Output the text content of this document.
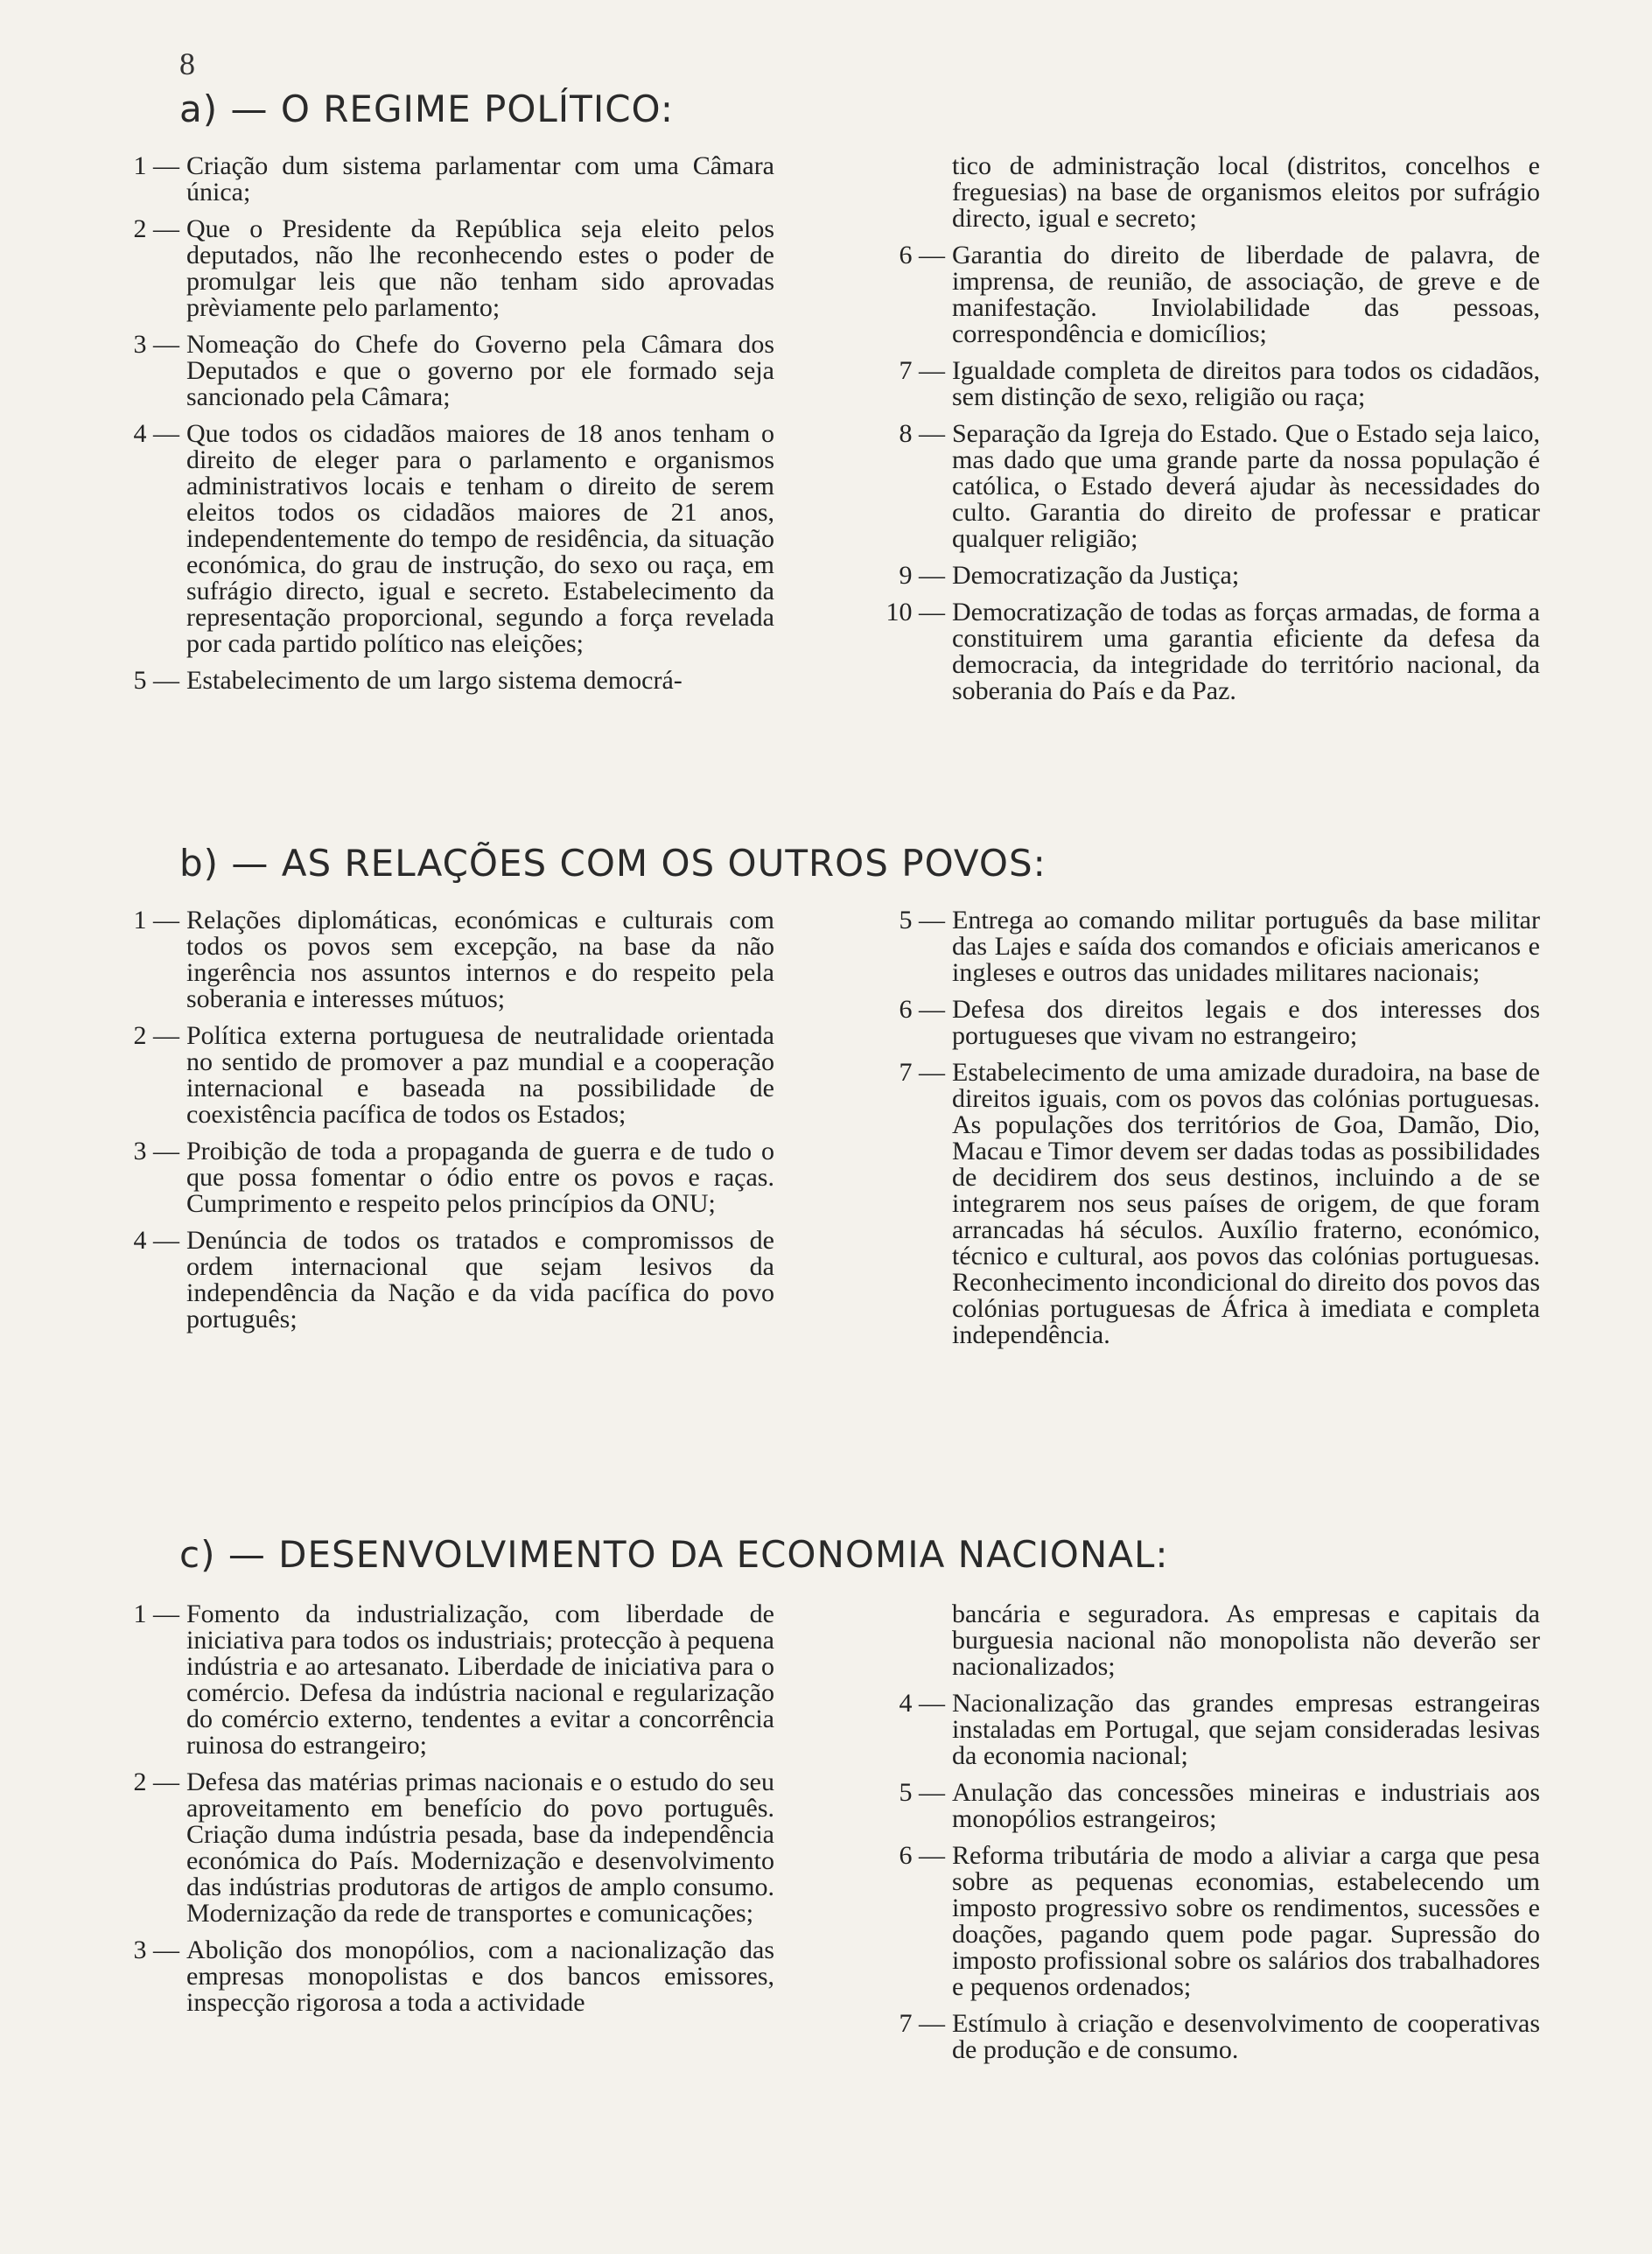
8
a) — O REGIME POLÍTICO:
1 — Criação dum sistema parlamentar com uma Câmara única;
2 — Que o Presidente da República seja eleito pelos deputados, não lhe reconhecendo estes o poder de promulgar leis que não tenham sido aprovadas prèviamente pelo parlamento;
3 — Nomeação do Chefe do Governo pela Câmara dos Deputados e que o governo por ele formado seja sancionado pela Câmara;
4 — Que todos os cidadãos maiores de 18 anos tenham o direito de eleger para o parlamento e organismos administrativos locais e tenham o direito de serem eleitos todos os cidadãos maiores de 21 anos, independentemente do tempo de residência, da situação económica, do grau de instrução, do sexo ou raça, em sufrágio directo, igual e secreto. Estabelecimento da representação proporcional, segundo a força revelada por cada partido político nas eleições;
5 — Estabelecimento de um largo sistema democrá-
tico de administração local (distritos, concelhos e freguesias) na base de organismos eleitos por sufrágio directo, igual e secreto;
6 — Garantia do direito de liberdade de palavra, de imprensa, de reunião, de associação, de greve e de manifestação. Inviolabilidade das pessoas, correspondência e domicílios;
7 — Igualdade completa de direitos para todos os cidadãos, sem distinção de sexo, religião ou raça;
8 — Separação da Igreja do Estado. Que o Estado seja laico, mas dado que uma grande parte da nossa população é católica, o Estado deverá ajudar às necessidades do culto. Garantia do direito de professar e praticar qualquer religião;
9 — Democratização da Justiça;
10 — Democratização de todas as forças armadas, de forma a constituirem uma garantia eficiente da defesa da democracia, da integridade do território nacional, da soberania do País e da Paz.
b) — AS RELAÇÕES COM OS OUTROS POVOS:
1 — Relações diplomáticas, económicas e culturais com todos os povos sem excepção, na base da não ingerência nos assuntos internos e do respeito pela soberania e interesses mútuos;
2 — Política externa portuguesa de neutralidade orientada no sentido de promover a paz mundial e a cooperação internacional e baseada na possibilidade de coexistência pacífica de todos os Estados;
3 — Proibição de toda a propaganda de guerra e de tudo o que possa fomentar o ódio entre os povos e raças. Cumprimento e respeito pelos princípios da ONU;
4 — Denúncia de todos os tratados e compromissos de ordem internacional que sejam lesivos da independência da Nação e da vida pacífica do povo português;
5 — Entrega ao comando militar português da base militar das Lajes e saída dos comandos e oficiais americanos e ingleses e outros das unidades militares nacionais;
6 — Defesa dos direitos legais e dos interesses dos portugueses que vivam no estrangeiro;
7 — Estabelecimento de uma amizade duradoira, na base de direitos iguais, com os povos das colónias portuguesas. As populações dos territórios de Goa, Damão, Dio, Macau e Timor devem ser dadas todas as possibilidades de decidirem dos seus destinos, incluindo a de se integrarem nos seus países de origem, de que foram arrancadas há séculos. Auxílio fraterno, económico, técnico e cultural, aos povos das colónias portuguesas. Reconhecimento incondicional do direito dos povos das colónias portuguesas de África à imediata e completa independência.
c) — DESENVOLVIMENTO DA ECONOMIA NACIONAL:
1 — Fomento da industrialização, com liberdade de iniciativa para todos os industriais; protecção à pequena indústria e ao artesanato. Liberdade de iniciativa para o comércio. Defesa da indústria nacional e regularização do comércio externo, tendentes a evitar a concorrência ruinosa do estrangeiro;
2 — Defesa das matérias primas nacionais e o estudo do seu aproveitamento em benefício do povo português. Criação duma indústria pesada, base da independência económica do País. Modernização e desenvolvimento das indústrias produtoras de artigos de amplo consumo. Modernização da rede de transportes e comunicações;
3 — Abolição dos monopólios, com a nacionalização das empresas monopolistas e dos bancos emissores, inspecção rigorosa a toda a actividade
bancária e seguradora. As empresas e capitais da burguesia nacional não monopolista não deverão ser nacionalizados;
4 — Nacionalização das grandes empresas estrangeiras instaladas em Portugal, que sejam consideradas lesivas da economia nacional;
5 — Anulação das concessões mineiras e industriais aos monopólios estrangeiros;
6 — Reforma tributária de modo a aliviar a carga que pesa sobre as pequenas economias, estabelecendo um imposto progressivo sobre os rendimentos, sucessões e doações, pagando quem pode pagar. Supressão do imposto profissional sobre os salários dos trabalhadores e pequenos ordenados;
7 — Estímulo à criação e desenvolvimento de cooperativas de produção e de consumo.
